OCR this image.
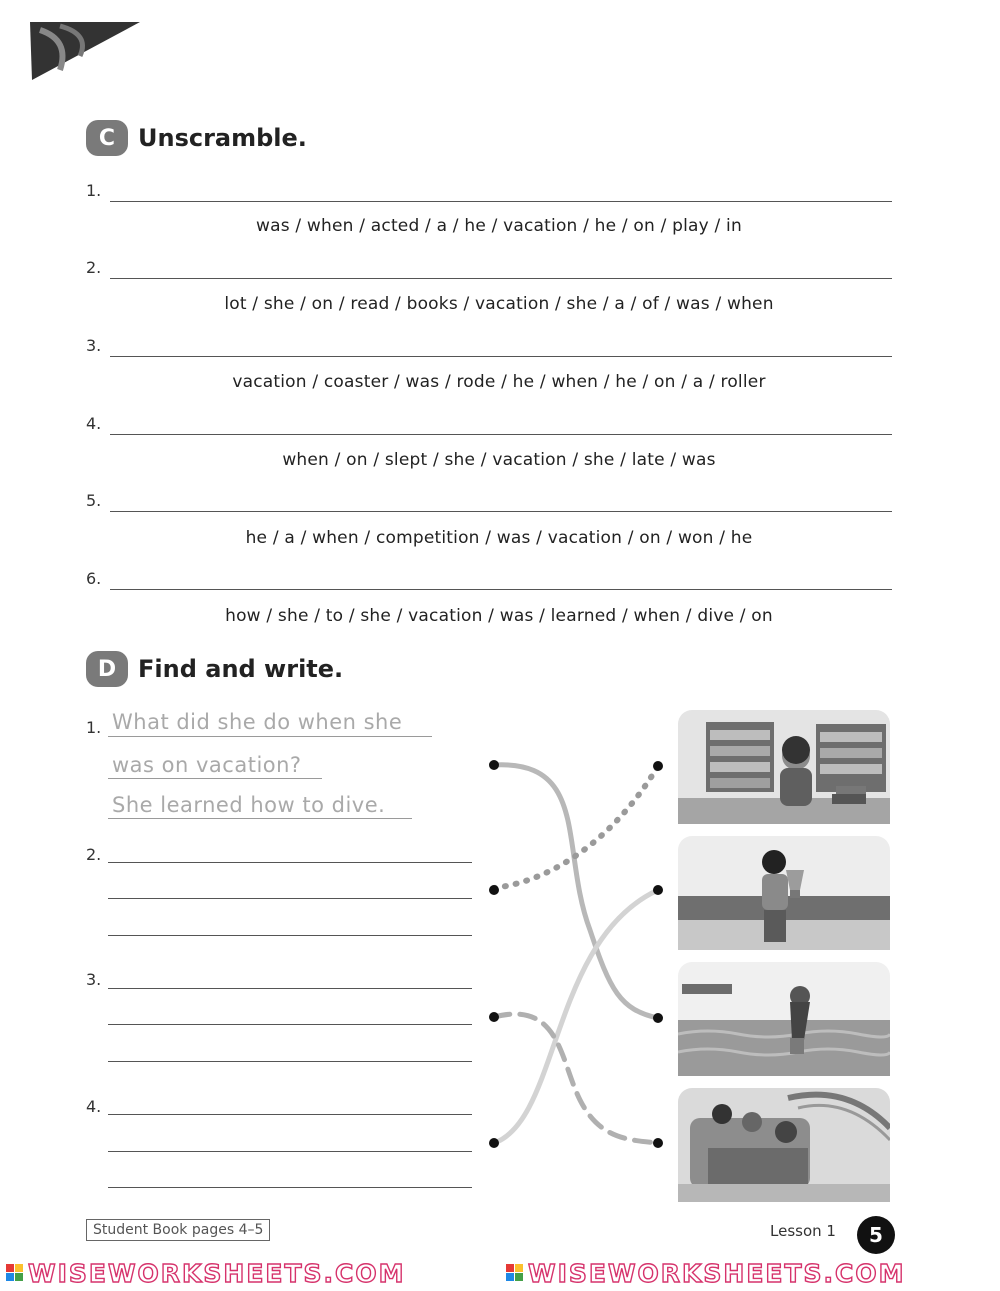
C Unscramble.
1.
was / when / acted / a / he / vacation / he / on / play / in
2.
lot / she / on / read / books / vacation / she / a / of / was / when
3.
vacation / coaster / was / rode / he / when / he / on / a / roller
4.
when / on / slept / she / vacation / she / late / was
5.
he / a / when / competition / was / vacation / on / won / he
6.
how / she / to / she / vacation / was / learned / when / dive / on
D Find and write.
1. What did she do when she
was on vacation?
She learned how to dive.
2.
3.
4.
Student Book pages 4–5	Lesson 1	5
WISEWORKSHEETS.COM	WISEWORKSHEETS.COM
